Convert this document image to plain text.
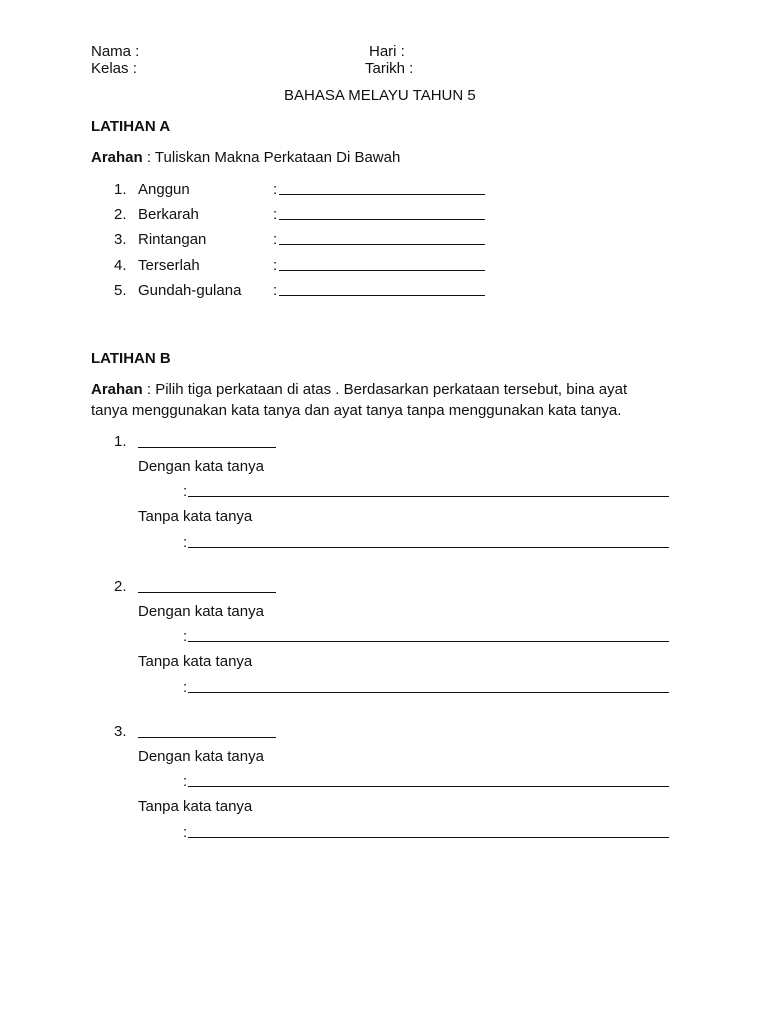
Nama :
Kelas :
Hari :
Tarikh :
BAHASA MELAYU TAHUN 5
LATIHAN A
Arahan : Tuliskan Makna Perkataan Di Bawah
1. Anggun	:
2. Berkarah	:
3. Rintangan	:
4. Terserlah	:
5. Gundah-gulana :
LATIHAN B
Arahan : Pilih tiga perkataan di atas . Berdasarkan perkataan tersebut, bina ayat
tanya menggunakan kata tanya dan ayat tanya tanpa menggunakan kata tanya.
1.
Dengan kata tanya
:
Tanpa kata tanya
:
2.
Dengan kata tanya
:
Tanpa kata tanya
:
3.
Dengan kata tanya
:
Tanpa kata tanya
:
